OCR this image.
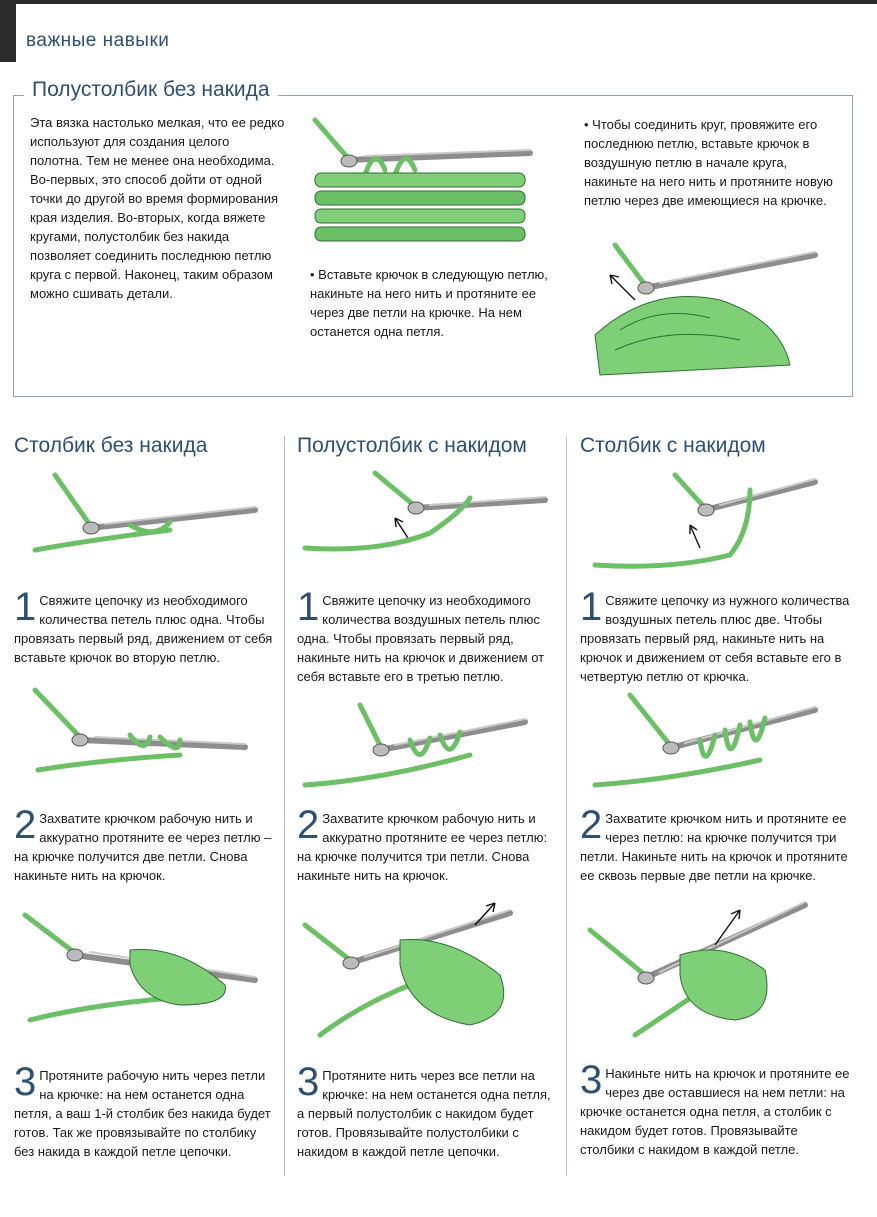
важные навыки
Полустолбик без накида
Эта вязка настолько мелкая, что ее редко используют для создания целого полотна. Тем не менее она необходима. Во-первых, это способ дойти от одной точки до другой во время формирования края изделия. Во-вторых, когда вяжете кругами, полустолбик без накида позволяет соединить последнюю петлю круга с первой. Наконец, таким образом можно сшивать детали.
• Вставьте крючок в следующую петлю, накиньте на него нить и протяните ее через две петли на крючке. На нем останется одна петля.
• Чтобы соединить круг, провяжите его последнюю петлю, вставьте крючок в воздушную петлю в начале круга, накиньте на него нить и протяните новую петлю через две имеющиеся на крючке.
Столбик без накида	Полустолбик с накидом	Столбик с накидом
1 Свяжите цепочку из необходимого количества петель плюс одна. Чтобы провязать первый ряд, движением от себя вставьте крючок во вторую петлю.
2 Захватите крючком рабочую нить и аккуратно протяните ее через петлю – на крючке получится две петли. Снова накиньте нить на крючок.
3 Протяните рабочую нить через петли на крючке: на нем останется одна петля, а ваш 1-й столбик без накида будет готов. Так же провязывайте по столбику без накида в каждой петле цепочки.
1 Свяжите цепочку из необходимого количества воздушных петель плюс одна. Чтобы провязать первый ряд, накиньте нить на крючок и движением от себя вставьте его в третью петлю.
2 Захватите крючком рабочую нить и аккуратно протяните ее через петлю: на крючке получится три петли. Снова накиньте нить на крючок.
3 Протяните нить через все петли на крючке: на нем останется одна петля, а первый полустолбик с накидом будет готов. Провязывайте полустолбики с накидом в каждой петле цепочки.
1 Свяжите цепочку из нужного количества воздушных петель плюс две. Чтобы провязать первый ряд, накиньте нить на крючок и движением от себя вставьте его в четвертую петлю от крючка.
2 Захватите крючком нить и протяните ее через петлю: на крючке получится три петли. Накиньте нить на крючок и протяните ее сквозь первые две петли на крючке.
3 Накиньте нить на крючок и протяните ее через две оставшиеся на нем петли: на крючке останется одна петля, а столбик с накидом будет готов. Провязывайте столбики с накидом в каждой петле.
